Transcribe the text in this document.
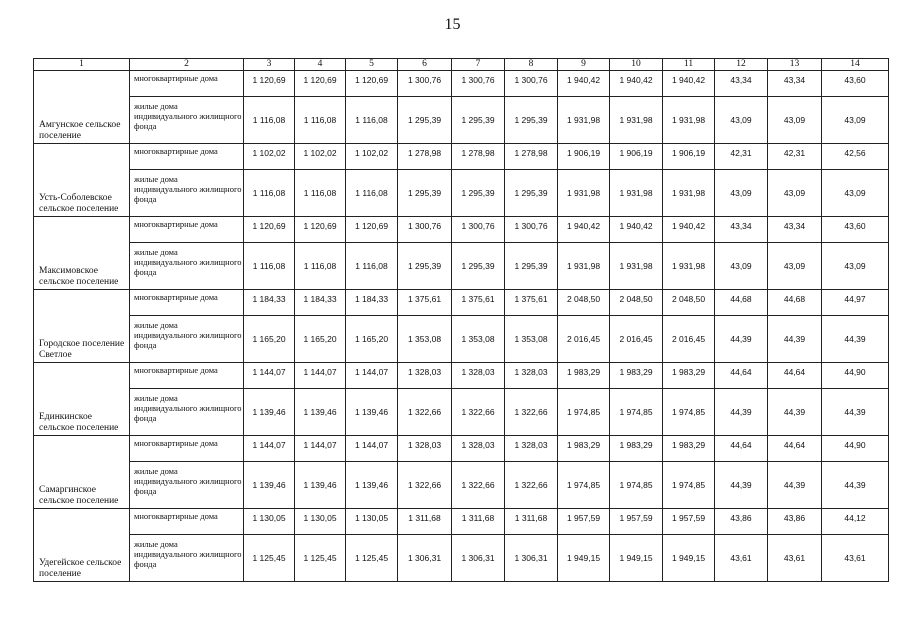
15
1	2	3	4	5	6	7	8	9	10	11	12	13	14
Амгунское сельское поселение	многоквартирные дома	1 120,69	1 120,69	1 120,69	1 300,76	1 300,76	1 300,76	1 940,42	1 940,42	1 940,42	43,34	43,34	43,60
	жилые дома индивидуального жилищного фонда	1 116,08	1 116,08	1 116,08	1 295,39	1 295,39	1 295,39	1 931,98	1 931,98	1 931,98	43,09	43,09	43,09
Усть-Соболевское сельское поселение	многоквартирные дома	1 102,02	1 102,02	1 102,02	1 278,98	1 278,98	1 278,98	1 906,19	1 906,19	1 906,19	42,31	42,31	42,56
	жилые дома индивидуального жилищного фонда	1 116,08	1 116,08	1 116,08	1 295,39	1 295,39	1 295,39	1 931,98	1 931,98	1 931,98	43,09	43,09	43,09
Максимовское сельское поселение	многоквартирные дома	1 120,69	1 120,69	1 120,69	1 300,76	1 300,76	1 300,76	1 940,42	1 940,42	1 940,42	43,34	43,34	43,60
	жилые дома индивидуального жилищного фонда	1 116,08	1 116,08	1 116,08	1 295,39	1 295,39	1 295,39	1 931,98	1 931,98	1 931,98	43,09	43,09	43,09
Городское поселение Светлое	многоквартирные дома	1 184,33	1 184,33	1 184,33	1 375,61	1 375,61	1 375,61	2 048,50	2 048,50	2 048,50	44,68	44,68	44,97
	жилые дома индивидуального жилищного фонда	1 165,20	1 165,20	1 165,20	1 353,08	1 353,08	1 353,08	2 016,45	2 016,45	2 016,45	44,39	44,39	44,39
Единкинское сельское поселение	многоквартирные дома	1 144,07	1 144,07	1 144,07	1 328,03	1 328,03	1 328,03	1 983,29	1 983,29	1 983,29	44,64	44,64	44,90
	жилые дома индивидуального жилищного фонда	1 139,46	1 139,46	1 139,46	1 322,66	1 322,66	1 322,66	1 974,85	1 974,85	1 974,85	44,39	44,39	44,39
Самаргинское сельское поселение	многоквартирные дома	1 144,07	1 144,07	1 144,07	1 328,03	1 328,03	1 328,03	1 983,29	1 983,29	1 983,29	44,64	44,64	44,90
	жилые дома индивидуального жилищного фонда	1 139,46	1 139,46	1 139,46	1 322,66	1 322,66	1 322,66	1 974,85	1 974,85	1 974,85	44,39	44,39	44,39
Удегейское сельское поселение	многоквартирные дома	1 130,05	1 130,05	1 130,05	1 311,68	1 311,68	1 311,68	1 957,59	1 957,59	1 957,59	43,86	43,86	44,12
	жилые дома индивидуального жилищного фонда	1 125,45	1 125,45	1 125,45	1 306,31	1 306,31	1 306,31	1 949,15	1 949,15	1 949,15	43,61	43,61	43,61
